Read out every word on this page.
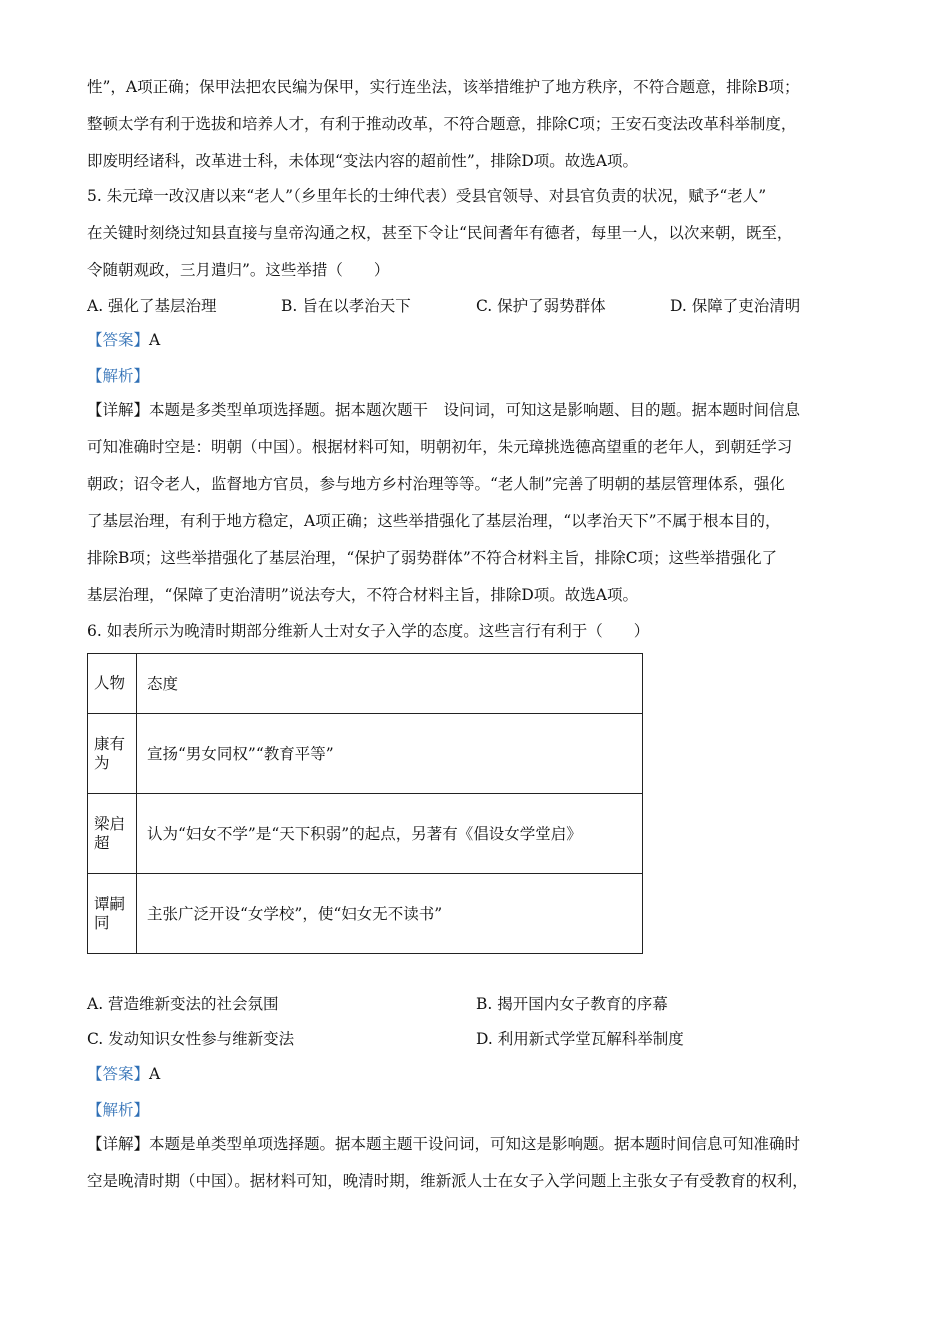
性”，A项正确；保甲法把农民编为保甲，实行连坐法，该举措维护了地方秩序，不符合题意，排除B项；
整顿太学有利于选拔和培养人才，有利于推动改革，不符合题意，排除C项；王安石变法改革科举制度，
即废明经诸科，改革进士科，未体现“变法内容的超前性”，排除D项。故选A项。
5. 朱元璋一改汉唐以来“老人”（乡里年长的士绅代表）受县官领导、对县官负责的状况，赋予“老人”
在关键时刻绕过知县直接与皇帝沟通之权，甚至下令让“民间耆年有德者，每里一人，以次来朝，既至，
令随朝观政，三月遣归”。这些举措（　　）
A. 强化了基层治理	B. 旨在以孝治天下	C. 保护了弱势群体	D. 保障了吏治清明
【答案】A
【解析】
【详解】本题是多类型单项选择题。据本题次题干　设问词，可知这是影响题、目的题。据本题时间信息
可知准确时空是：明朝（中国）。根据材料可知，明朝初年，朱元璋挑选德高望重的老年人，到朝廷学习
朝政；诏令老人，监督地方官员，参与地方乡村治理等等。“老人制”完善了明朝的基层管理体系，强化
了基层治理，有利于地方稳定，A项正确；这些举措强化了基层治理，“以孝治天下”不属于根本目的，
排除B项；这些举措强化了基层治理，“保护了弱势群体”不符合材料主旨，排除C项；这些举措强化了
基层治理，“保障了吏治清明”说法夸大，不符合材料主旨，排除D项。故选A项。
6. 如表所示为晚清时期部分维新人士对女子入学的态度。这些言行有利于（　　）
人物	态度
康有为	宣扬“男女同权”“教育平等”
梁启超	认为“妇女不学”是“天下积弱”的起点，另著有《倡设女学堂启》
谭嗣同	主张广泛开设“女学校”，使“妇女无不读书”
A. 营造维新变法的社会氛围	B. 揭开国内女子教育的序幕
C. 发动知识女性参与维新变法	D. 利用新式学堂瓦解科举制度
【答案】A
【解析】
【详解】本题是单类型单项选择题。据本题主题干设问词，可知这是影响题。据本题时间信息可知准确时
空是晚清时期（中国）。据材料可知，晚清时期，维新派人士在女子入学问题上主张女子有受教育的权利，
